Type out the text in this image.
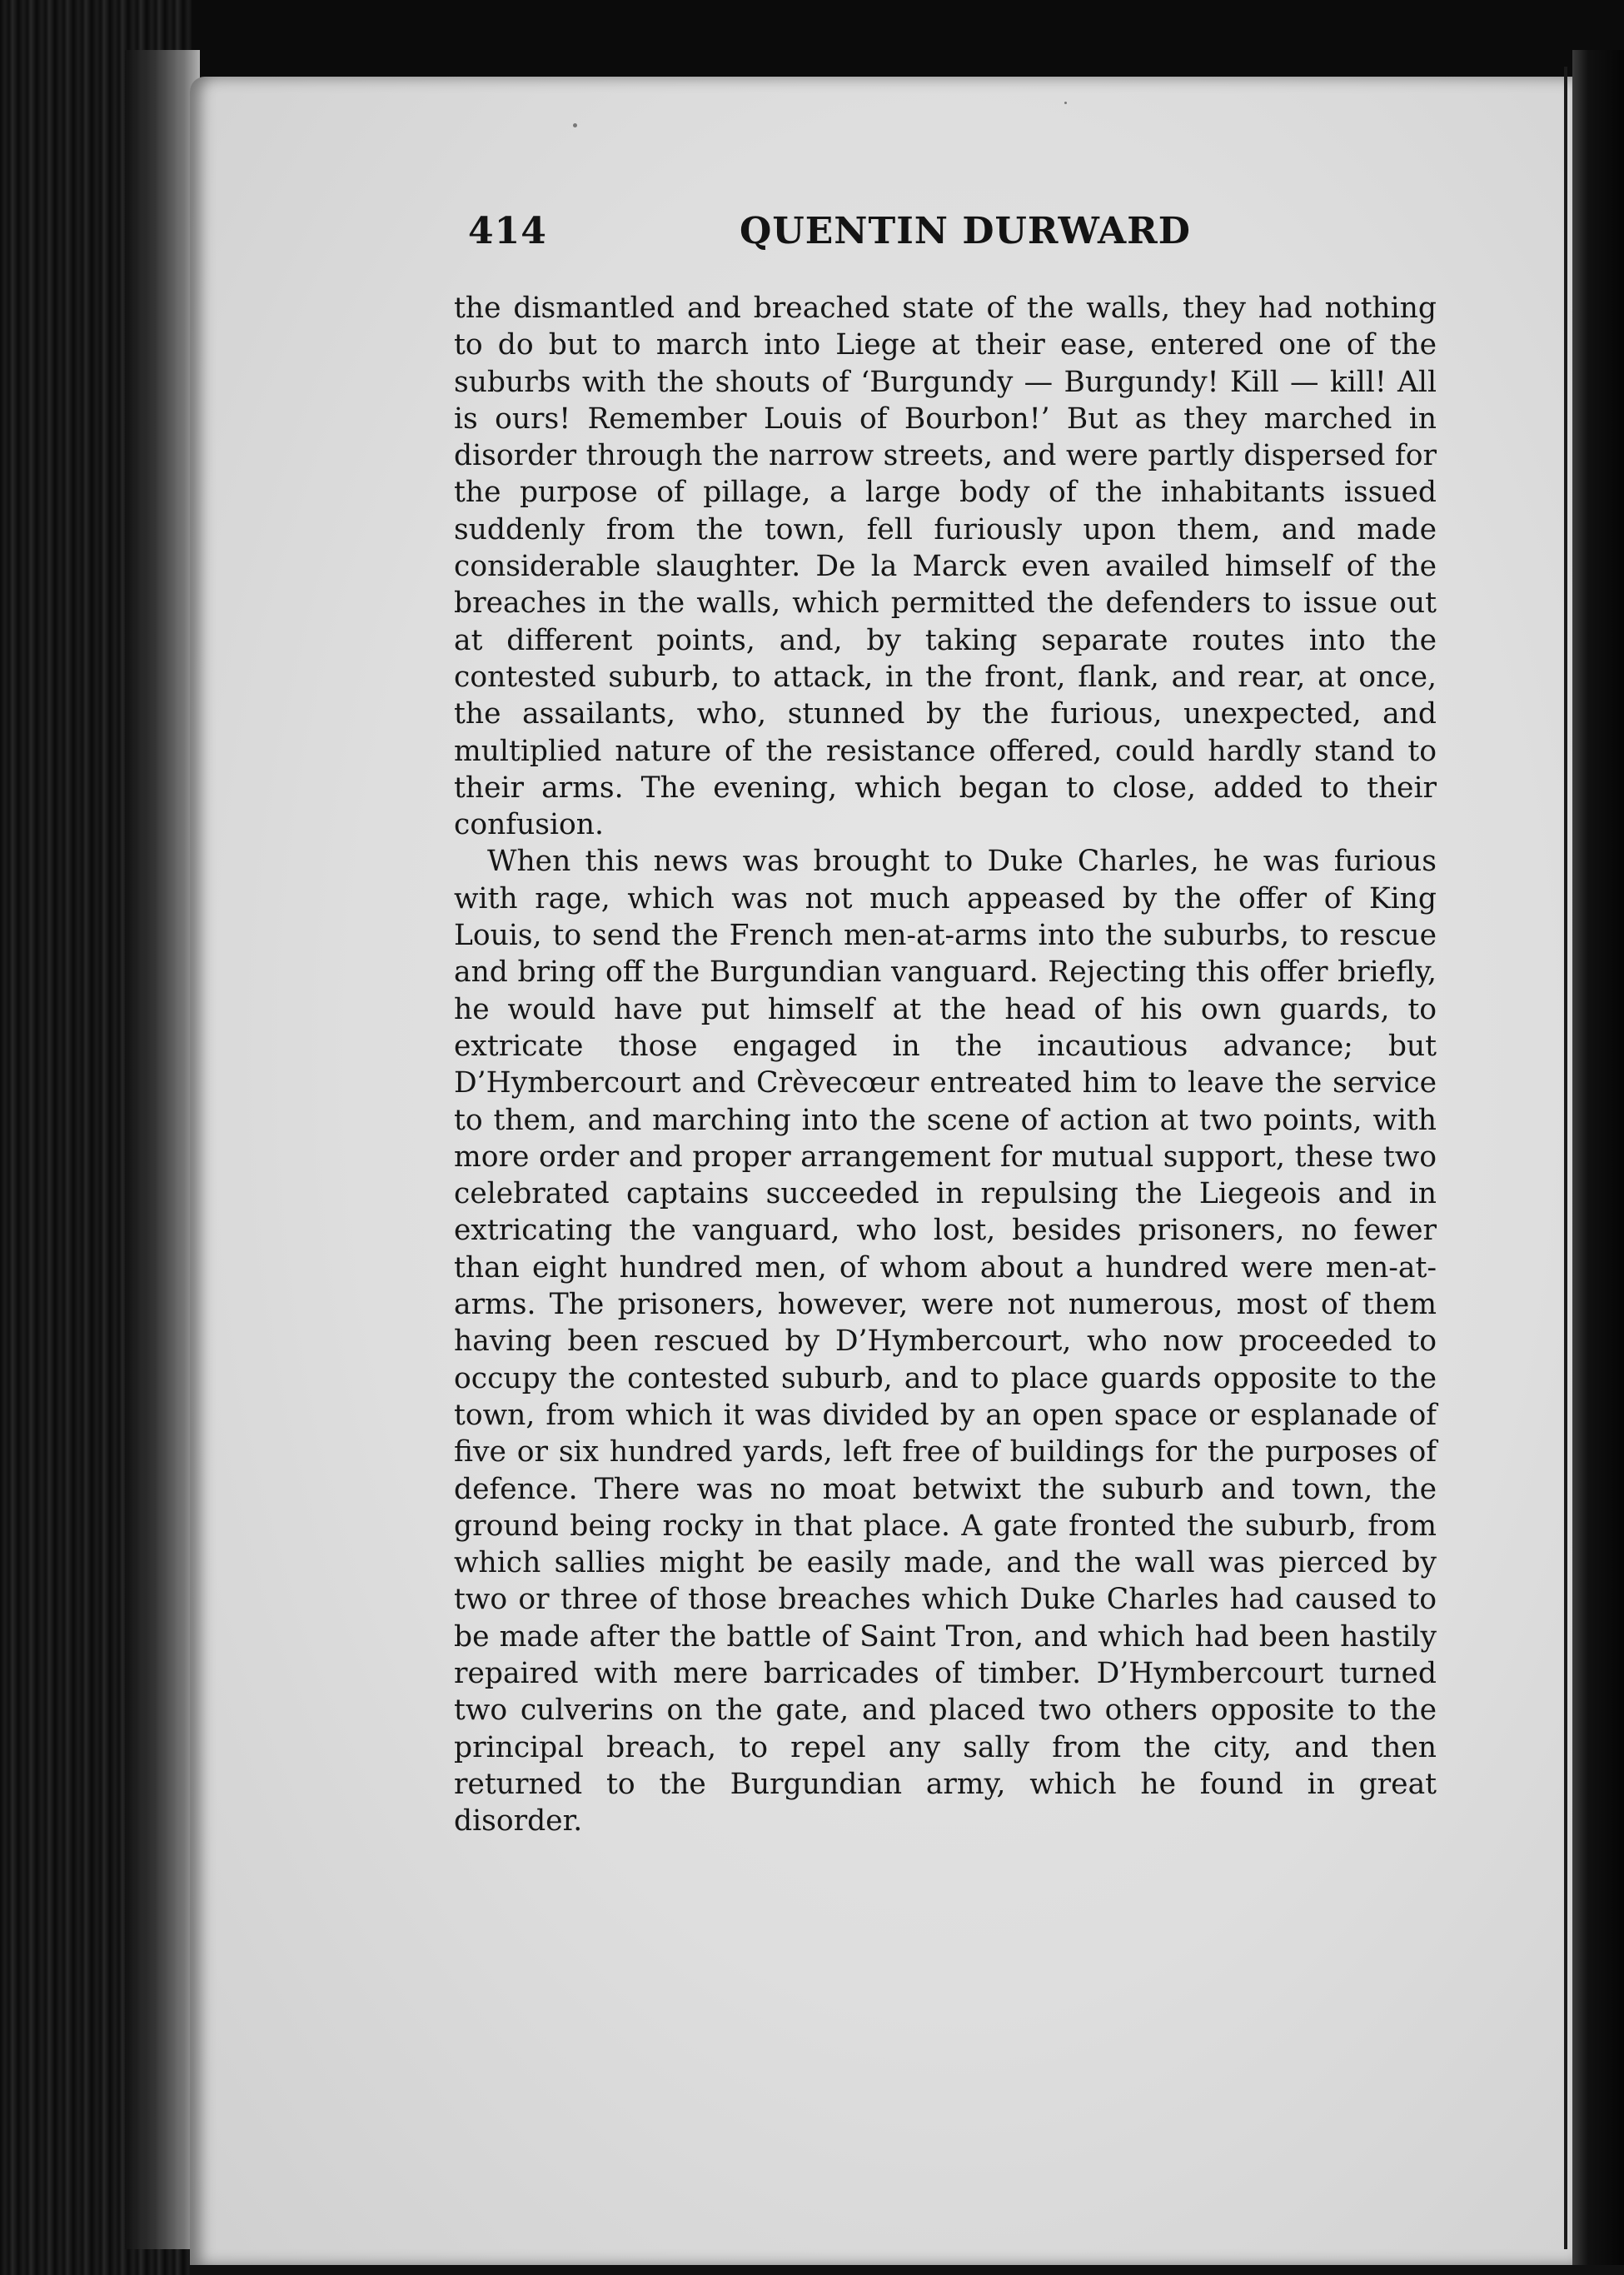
414	QUENTIN DURWARD

the dismantled and breached state of the walls, they had nothing to do but to march into Liege at their ease, entered one of the suburbs with the shouts of ‘Burgundy — Burgundy! Kill — kill! All is ours! Remember Louis of Bourbon!’ But as they marched in disorder through the narrow streets, and were partly dispersed for the purpose of pillage, a large body of the inhabitants issued suddenly from the town, fell furiously upon them, and made considerable slaughter. De la Marck even availed himself of the breaches in the walls, which permitted the defenders to issue out at different points, and, by taking separate routes into the contested suburb, to attack, in the front, flank, and rear, at once, the assailants, who, stunned by the furious, unexpected, and multiplied nature of the resistance offered, could hardly stand to their arms. The evening, which began to close, added to their confusion.

When this news was brought to Duke Charles, he was furious with rage, which was not much appeased by the offer of King Louis, to send the French men-at-arms into the suburbs, to rescue and bring off the Burgundian vanguard. Rejecting this offer briefly, he would have put himself at the head of his own guards, to extricate those engaged in the incautious advance; but D’Hymbercourt and Crèvecœur entreated him to leave the service to them, and marching into the scene of action at two points, with more order and proper arrangement for mutual support, these two celebrated captains succeeded in repulsing the Liegeois and in extricating the vanguard, who lost, besides prisoners, no fewer than eight hundred men, of whom about a hundred were men-at-arms. The prisoners, however, were not numerous, most of them having been rescued by D’Hymbercourt, who now proceeded to occupy the contested suburb, and to place guards opposite to the town, from which it was divided by an open space or esplanade of five or six hundred yards, left free of buildings for the purposes of defence. There was no moat betwixt the suburb and town, the ground being rocky in that place. A gate fronted the suburb, from which sallies might be easily made, and the wall was pierced by two or three of those breaches which Duke Charles had caused to be made after the battle of Saint Tron, and which had been hastily repaired with mere barricades of timber. D’Hymbercourt turned two culverins on the gate, and placed two others opposite to the principal breach, to repel any sally from the city, and then returned to the Burgundian army, which he found in great disorder.
